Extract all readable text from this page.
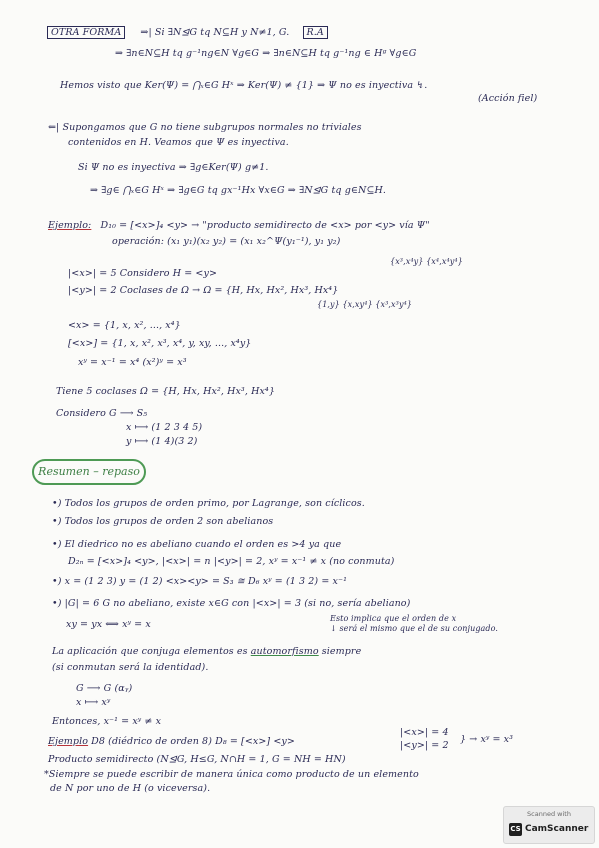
OTRA FORMA ⇒| Si ∃N⊴G tq N⊆H y N≠1, G. R.A
⇒ ∃n∈N⊆H tq g⁻¹ng∈N ∀g∈G ⇒ ∃n∈N⊆H tq g⁻¹ng ∈ Hᵍ ∀g∈G
Hemos visto que Ker(Ψ) = ⋂ₓ∈G Hˣ ⇒ Ker(Ψ) ≠ {1} ⇒ Ψ no es inyectiva ↯.
(Acción fiel)
⇐| Supongamos que G no tiene subgrupos normales no triviales
contenidos en H. Veamos que Ψ es inyectiva.
Si Ψ no es inyectiva ⇒ ∃g∈Ker(Ψ) g≠1.
⇒ ∃g∈ ⋂ₓ∈G Hˣ ⇒ ∃g∈G tq gx⁻¹Hx ∀x∈G ⇒ ∃N⊴G tq g∈N⊆H.
Ejemplo: D₁₀ = [<x>]₄ <y> → "producto semidirecto de <x> por <y> vía Ψ"
operación: (x₁ y₁)(x₂ y₂) = (x₁ x₂^Ψ(y₁⁻¹), y₁ y₂)
{x³,x⁴y} {x⁴,x⁴y⁴}
|<x>| = 5 Considero H = <y>
|<y>| = 2 Coclases de Ω → Ω = {H, Hx, Hx², Hx³, Hx⁴}
{1,y} {x,xy⁴} {x³,x³y⁴}
<x> = {1, x, x², ..., x⁴}
[<x>] = {1, x, x², x³, x⁴, y, xy, ..., x⁴y}
xʸ = x⁻¹ = x⁴ (x²)ʸ = x³
Tiene 5 coclases Ω = {H, Hx, Hx², Hx³, Hx⁴}
Considero G ⟶ S₅
x ⟼ (1 2 3 4 5)
y ⟼ (1 4)(3 2)
Resumen – repaso
•) Todos los grupos de orden primo, por Lagrange, son cíclicos.
•) Todos los grupos de orden 2 son abelianos
•) El diedrico no es abeliano cuando el orden es >4 ya que
D₂ₙ = [<x>]₄ <y>, |<x>| = n |<y>| = 2, xʸ = x⁻¹ ≠ x (no conmuta)
•) x = (1 2 3) y = (1 2) <x><y> = S₃ ≅ D₆ xʸ = (1 3 2) = x⁻¹
•) |G| = 6 G no abeliano, existe x∈G con |<x>| = 3 (si no, sería abeliano)
Esto implica que el orden de x
↓ será el mismo que el de su conjugado.
xy = yx ⟺ xʸ = x
La aplicación que conjuga elementos es automorfismo siempre
(si conmutan será la identidad).
G ⟶ G (αᵧ)
x ⟼ xʸ
Entonces, x⁻¹ = xʸ ≠ x
Ejemplo D8 (diédrico de orden 8) D₈ = [<x>] <y>
|<x>| = 4
|<y>| = 2
} → xʸ = x³
Producto semidirecto (N⊴G, H≤G, N∩H = 1, G = NH = HN)
*Siempre se puede escribir de manera única como producto de un elemento
de N por uno de H (o viceversa).
Scanned with
CS CamScanner
